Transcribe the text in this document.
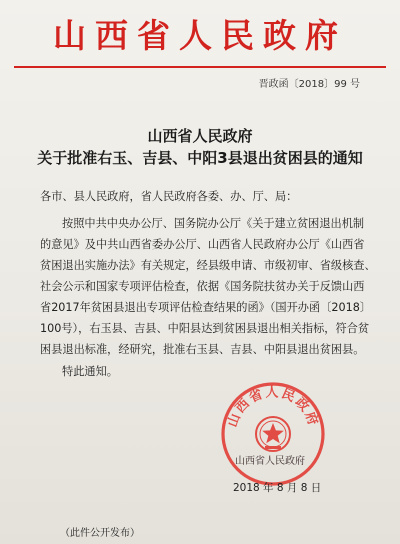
山西省人民政府
晋政函〔2018〕99 号
山西省人民政府
关于批准右玉、吉县、中阳3县退出贫困县的通知
各市、县人民政府，省人民政府各委、办、厅、局：
按照中共中央办公厅、国务院办公厅《关于建立贫困退出机制
的意见》及中共山西省委办公厅、山西省人民政府办公厅《山西省
贫困退出实施办法》有关规定，经县级申请、市级初审、省级核查、
社会公示和国家专项评估检查，依据《国务院扶贫办关于反馈山西
省2017年贫困县退出专项评估检查结果的函》（国开办函〔2018〕
100号），右玉县、吉县、中阳县达到贫困县退出相关指标，符合贫
困县退出标准，经研究，批准右玉县、吉县、中阳县退出贫困县。
特此通知。
山西省人民政府
山西省人民政府
2018 年 8 月 8 日
（此件公开发布）
